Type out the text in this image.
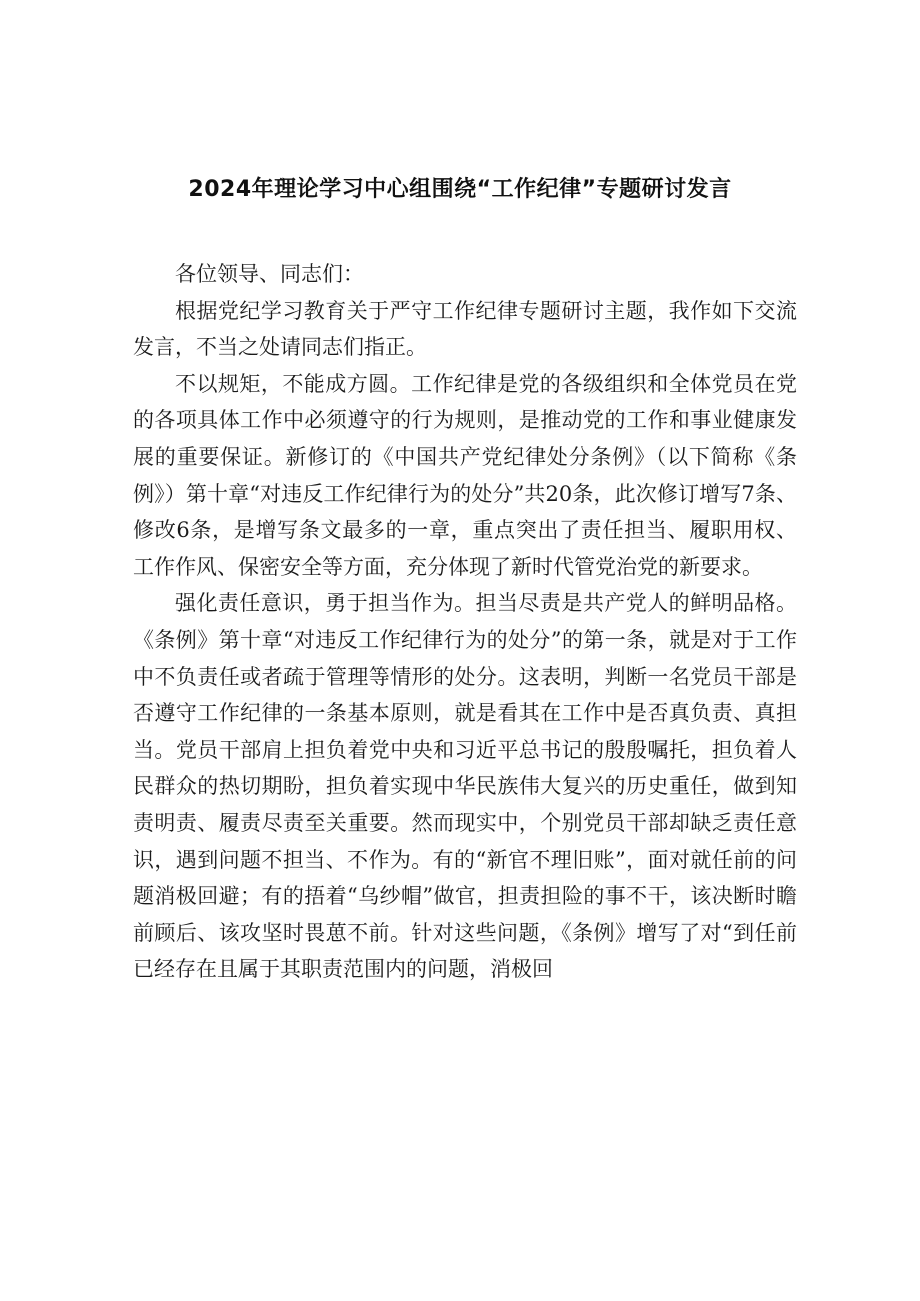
2024年理论学习中心组围绕“工作纪律”专题研讨发言

各位领导、同志们：

根据党纪学习教育关于严守工作纪律专题研讨主题，我作如下交流发言，不当之处请同志们指正。

不以规矩，不能成方圆。工作纪律是党的各级组织和全体党员在党的各项具体工作中必须遵守的行为规则，是推动党的工作和事业健康发展的重要保证。新修订的《中国共产党纪律处分条例》（以下简称《条例》）第十章“对违反工作纪律行为的处分”共20条，此次修订增写7条、修改6条，是增写条文最多的一章，重点突出了责任担当、履职用权、工作作风、保密安全等方面，充分体现了新时代管党治党的新要求。

强化责任意识，勇于担当作为。担当尽责是共产党人的鲜明品格。《条例》第十章“对违反工作纪律行为的处分”的第一条，就是对于工作中不负责任或者疏于管理等情形的处分。这表明，判断一名党员干部是否遵守工作纪律的一条基本原则，就是看其在工作中是否真负责、真担当。党员干部肩上担负着党中央和习近平总书记的殷殷嘱托，担负着人民群众的热切期盼，担负着实现中华民族伟大复兴的历史重任，做到知责明责、履责尽责至关重要。然而现实中，个别党员干部却缺乏责任意识，遇到问题不担当、不作为。有的“新官不理旧账”，面对就任前的问题消极回避；有的捂着“乌纱帽”做官，担责担险的事不干，该决断时瞻前顾后、该攻坚时畏葸不前。针对这些问题，《条例》增写了对“到任前已经存在且属于其职责范围内的问题，消极回
